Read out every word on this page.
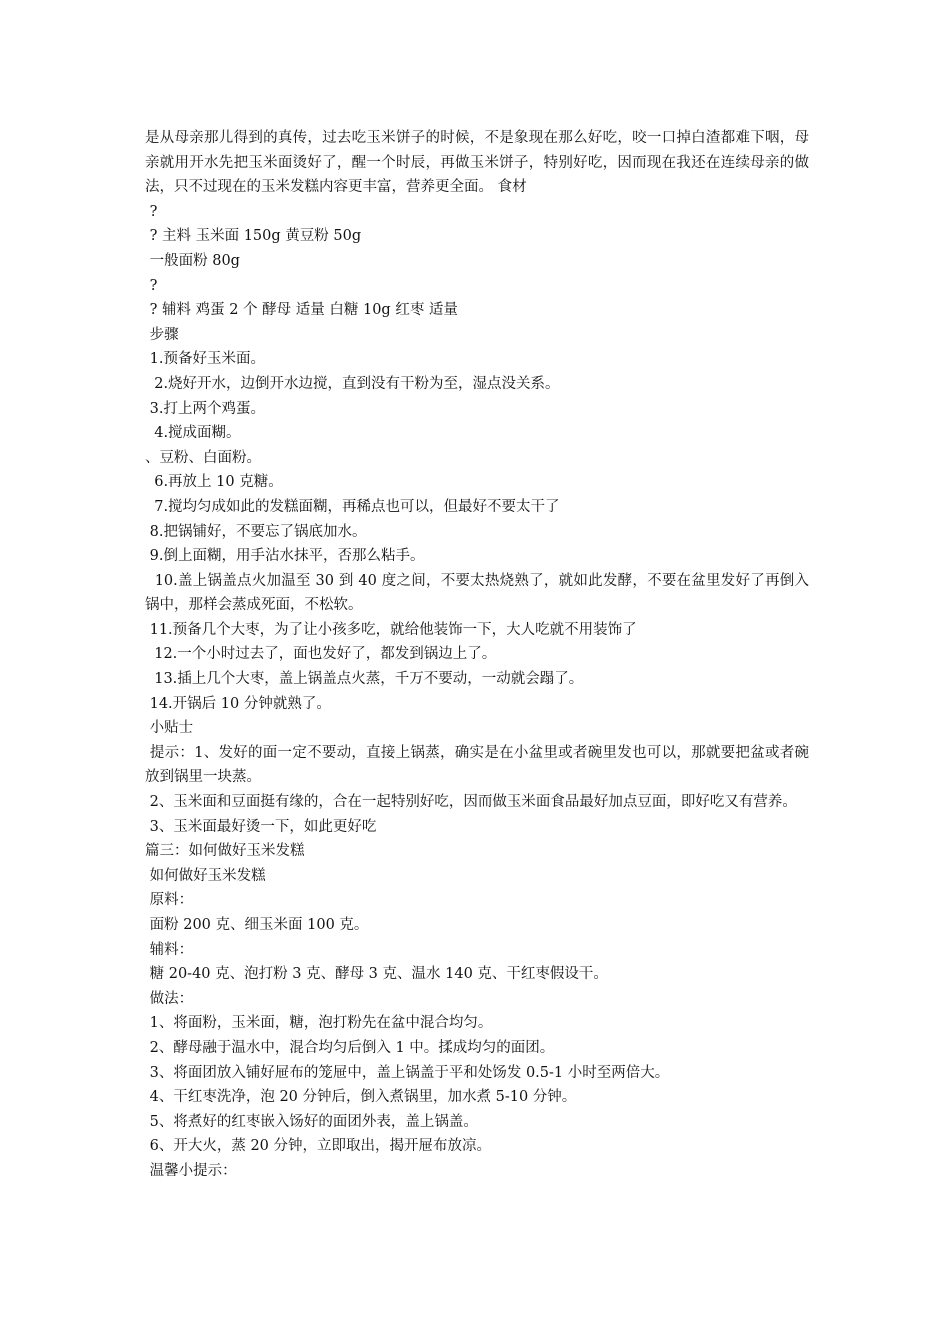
是从母亲那儿得到的真传，过去吃玉米饼子的时候，不是象现在那么好吃，咬一口掉白渣都难下咽，母亲就用开水先把玉米面烫好了，醒一个时辰，再做玉米饼子，特别好吃，因而现在我还在连续母亲的做法，只不过现在的玉米发糕内容更丰富，营养更全面。 食材

?

? 主料 玉米面 150g 黄豆粉 50g

一般面粉 80g

?

? 辅料 鸡蛋 2 个 酵母 适量 白糖 10g 红枣 适量

步骤

1.预备好玉米面。

2.烧好开水，边倒开水边搅，直到没有干粉为至，湿点没关系。

3.打上两个鸡蛋。

4.搅成面糊。

、豆粉、白面粉。

6.再放上 10 克糖。

7.搅均匀成如此的发糕面糊，再稀点也可以，但最好不要太干了

8.把锅铺好，不要忘了锅底加水。

9.倒上面糊，用手沾水抹平，否那么粘手。

10.盖上锅盖点火加温至 30 到 40 度之间，不要太热烧熟了，就如此发酵，不要在盆里发好了再倒入锅中，那样会蒸成死面，不松软。

11.预备几个大枣，为了让小孩多吃，就给他装饰一下，大人吃就不用装饰了

12.一个小时过去了，面也发好了，都发到锅边上了。

13.插上几个大枣，盖上锅盖点火蒸，千万不要动，一动就会蹋了。

14.开锅后 10 分钟就熟了。

小贴士

提示：1、发好的面一定不要动，直接上锅蒸，确实是在小盆里或者碗里发也可以，那就要把盆或者碗放到锅里一块蒸。

2、玉米面和豆面挺有缘的，合在一起特别好吃，因而做玉米面食品最好加点豆面，即好吃又有营养。

3、玉米面最好烫一下，如此更好吃

篇三：如何做好玉米发糕

如何做好玉米发糕

原料：

面粉 200 克、细玉米面 100 克。

辅料：

糖 20-40 克、泡打粉 3 克、酵母 3 克、温水 140 克、干红枣假设干。

做法：

1、将面粉，玉米面，糖，泡打粉先在盆中混合均匀。

2、酵母融于温水中，混合均匀后倒入 1 中。揉成均匀的面团。

3、将面团放入铺好屉布的笼屉中，盖上锅盖于平和处饧发 0.5-1 小时至两倍大。

4、干红枣洗净，泡 20 分钟后，倒入煮锅里，加水煮 5-10 分钟。

5、将煮好的红枣嵌入饧好的面团外表，盖上锅盖。

6、开大火，蒸 20 分钟，立即取出，揭开屉布放凉。

温馨小提示：
